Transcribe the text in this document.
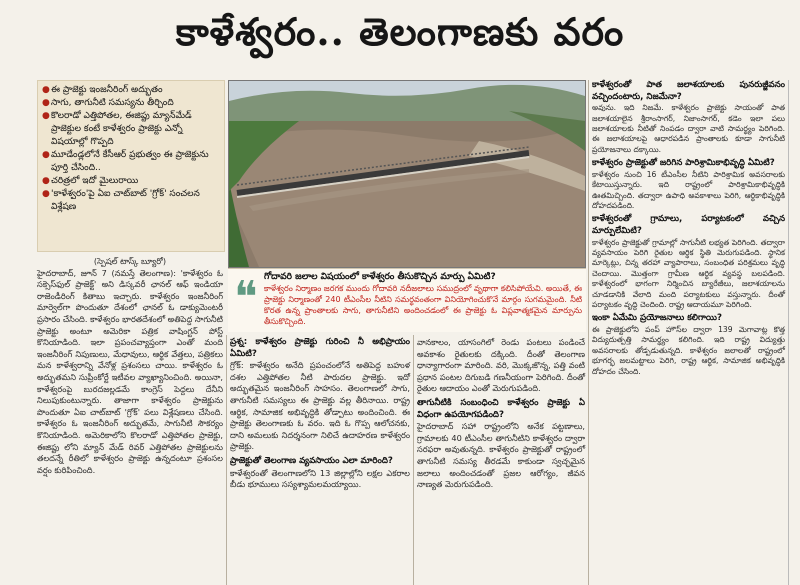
కాళేశ్వరం.. తెలంగాణకు వరం
● ఈ ప్రాజెక్టు ఇంజనీరింగ్ అద్భుతం
● సాగు, తాగునీటి సమస్యను తీర్చింది
● కొలరాడో ఎత్తిపోతల, ఈజిప్టు మ్యాన్‌మేడ్ ప్రాజెక్టుల కంటే కాళేశ్వరం ప్రాజెక్టు ఎన్నో విషయాల్లో గొప్పది
● మూడేండ్లలోనే కేసీఆర్ ప్రభుత్వం ఈ ప్రాజెక్టును పూర్తి చేసింది..
● చరిత్రలో ఇదో మైలురాయి
● 'కాళేశ్వరం'పై ఏఐ చాట్‌బాట్ 'గ్రోక్' సంచలన విశ్లేషణ
❝ గోదావరి జలాల విషయంలో కాళేశ్వరం తీసుకొచ్చిన మార్పు ఏమిటి?
కాళేశ్వరం నిర్మాణం జరగక ముందు గోదావరి నదీజలాలు సముద్రంలో వృథాగా కలిసిపోయేవి. అయితే, ఈ ప్రాజెక్టు నిర్మాణంతో 240 టీఎంసీల నీటిని సమర్థవంతంగా వినియోగించుకొనే మార్గం సుగమమైంది. నీటి కొరత ఉన్న ప్రాంతాలకు సాగు, తాగునీటిని అందించడంలో ఈ ప్రాజెక్టు ఓ విప్లవాత్మకమైన మార్పును తీసుకొచ్చింది.

(స్పెషల్ టాస్క్ బ్యూరో)

హైదరాబాద్, జూన్ 7 (నమస్తే తెలంగాణ): 'కాళేశ్వరం ఓ సక్సెస్‌ఫుల్ ప్రాజెక్ట్' అని డిస్కవరీ ఛానల్ ఆఫ్ ఇండియా రాజెండీరింగ్ కితాబు ఇచ్చారు. కాళేశ్వరం ఇంజనీరింగ్ మార్వెల్‌గా పొందుతూ దేశంలో ఛానల్ ఓ డాక్యుమెంటరీ ప్రసారం చేసింది. కాళేశ్వరం భారతదేశంలో అతిపెద్ద సాగునీటి ప్రాజెక్టు అంటూ అమెరికా పత్రిక వాషింగ్టన్ పోస్ట్ కొనియాడింది. ఇలా ప్రపంచవ్యాప్తంగా ఎంతో మంది ఇంజనీరింగ్ నిపుణులు, మేధావులు, ఆర్థిక వేత్తలు, పత్రికలు మన కాళేశ్వరాన్ని వేనోళ్ల ప్రశంసలు చాయి. కాళేశ్వరం ఓ అద్భుతమని సుప్రీంకోర్టే ఇటీవల వ్యాఖ్యానించింది. అయినా, కాళేశ్వరంపై బురదజల్లడమే కాంగ్రెస్ పెద్దలు దేనీని నిలుపుకుంటున్నారు. తాజాగా కాళేశ్వరం ప్రాజెక్టును పొందుతూ ఏఐ చాట్‌బాట్ 'గ్రోక్' పలు విశ్లేషణలు చేసింది. కాళేశ్వరం ఓ ఇంజనీరింగ్ అద్భుతమే, సాగునీటి సౌకర్యం కొనియాడింది. అమెరికాలోని కొలరాడో ఎత్తిపోతల ప్రాజెక్టు, ఈజిప్టు లోని మ్యాన్ మేడ్ రివర్ ఎత్తిపోతల ప్రాజెక్టులను తలదన్నే రీతిలో కాళేశ్వరం ప్రాజెక్టు ఉన్నదంటూ ప్రశంసల వర్షం కురిపించింది.

ప్రశ్న: కాళేశ్వరం ప్రాజెక్టు గురించి నీ అభిప్రాయం ఏమిటి?

గ్రోక్: కాళేశ్వరం అనేది ప్రపంచంలోనే అతిపెద్ద బహుళ దశల ఎత్తిపోతల నీటి పారుదల ప్రాజెక్టు. ఇదో అద్భుతమైన ఇంజనీరింగ్ సాహసం. తెలంగాణలో సాగు, తాగునీటి సమస్యలు ఈ ప్రాజెక్టు వల్ల తీరినాయి. రాష్ట్ర ఆర్థిక, సామాజిక అభివృద్ధికి తోడ్పాటు అందించింది. ఈ ప్రాజెక్టు తెలంగాణకు ఓ వరం. ఇది ఓ గొప్ప ఆలోచనకు, దాని అమలుకు నిదర్శనంగా నిలిచే ఉదాహరణ కాళేశ్వరం ప్రాజెక్టు.

ప్రాజెక్టుతో తెలంగాణ వ్యవసాయం ఎలా మారింది?

కాళేశ్వరంతో తెలంగాణలోని 13 జిల్లాల్లోని లక్షల ఎకరాల బీడు భూములు సస్యశ్యామలమయ్యాయి.

వానకాలం, యాసంగిలో రెండు పంటలు పండించే అవకాశం రైతులకు దక్కింది. దీంతో తెలంగాణ ధాన్యాగారంగా మారింది. వరి, మొక్కజొన్న, పత్తి వంటి ప్రధాన పంటల దిగుబడి గణనీయంగా పెరిగింది. దీంతో రైతుల ఆదాయం ఎంతో మెరుగుపడింది.

తాగునీటికి సంబంధించి కాళేశ్వరం ప్రాజెక్టు ఏ విధంగా ఉపయోగపడింది?

హైదరాబాద్ సహా రాష్ట్రంలోని అనేక పట్టణాలు, గ్రామాలకు 40 టీఎంసీల తాగునీటిని కాళేశ్వరం ద్వారా సరఫరా అవుతున్నది. కాళేశ్వరం ప్రాజెక్టుతో రాష్ట్రంలో తాగునీటి సమస్య తీరడమే కాకుండా స్వచ్ఛమైన జలాలు అందించడంతో ప్రజల ఆరోగ్యం, జీవన నాణ్యత మెరుగుపడింది.

కాళేశ్వరంతో పాత జలాశయాలకు పునరుజ్జీవనం వచ్చిందంటారు, నిజమేనా?

అవును. ఇది నిజమే. కాళేశ్వరం ప్రాజెక్టు సాయంతో పాత జలాశయాలైన శ్రీరాంసాగర్, నిజాంసాగర్, కడెం ఇలా పలు జలాశయాలకు నీటితో నింపడం ద్వారా వాటి సామర్థ్యం పెరిగింది. ఈ జలాశయాలపై ఆధారపడిన ప్రాంతాలకు కూడా సాగునీటి ప్రయోజనాలు దక్కాయి.

కాళేశ్వరం ప్రాజెక్టుతో జరిగిన పారిశ్రామికాభివృద్ధి ఏమిటి?

కాళేశ్వరం నుంచి 16 టీఎంసీల నీటిని పారిశ్రామిక అవసరాలకు కేటాయిస్తున్నారు. ఇది రాష్ట్రంలో పారిశ్రామికాభివృద్ధికి ఊతమిచ్చింది. తద్వారా ఉపాధి అవకాశాలు పెరిగి, ఆర్థికాభివృద్ధికి దోహదపడింది.

కాళేశ్వరంతో గ్రామాలు, పర్యాటకంలో వచ్చిన మార్పులేమిటి?

కాళేశ్వరం ప్రాజెక్టుతో గ్రామాల్లో సాగునీటి లభ్యత పెరిగింది. తద్వారా వ్యవసాయం పెరిగి రైతుల ఆర్థిక స్థితి మెరుగుపడింది. స్థానిక మార్కెట్లు, చిన్న తరహా వ్యాపారాలు, సంబంధిత పరిశ్రమలు వృద్ధి చెందాయి. మొత్తంగా గ్రామీణ ఆర్థిక వ్యవస్థ బలపడింది. కాళేశ్వరంలో భాగంగా నిర్మించిన బ్యారేజీలు, జలాశయాలను చూడడానికి వేలాది మంది పర్యాటకులు వస్తున్నారు. దీంతో పర్యాటకం వృద్ధి చెందింది. రాష్ట్ర ఆదాయమూ పెరిగింది.

ఇంకా ఏమేమి ప్రయోజనాలు కలిగాయి?

ఈ ప్రాజెక్టులోని పంప్ హౌస్‌ల ద్వారా 139 మెగావాట్ల కొత్త విద్యుదుత్పత్తి సామర్థ్యం కలిగింది. ఇది రాష్ట్ర విద్యుత్తు అవసరాలకు తోడ్పడుతున్నది. కాళేశ్వరం జలాలతో రాష్ట్రంలో భూగర్భ జలమట్టాలు పెరిగి, రాష్ట్ర ఆర్థిక, సామాజిక అభివృద్ధికి దోహదం చేసింది.
